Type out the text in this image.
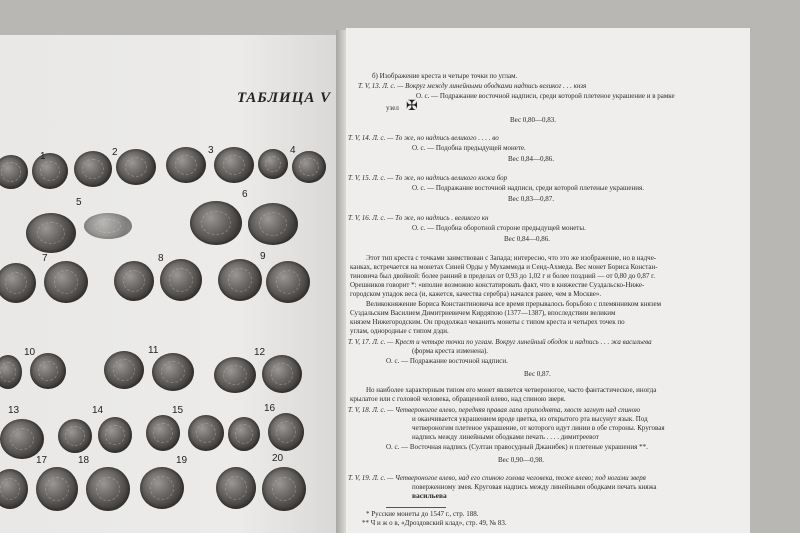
1	2	3	4
5
6
7	8	9
10	11	12
13	14	15	16
17	18	19	20
ТАБЛИЦА V
б) Изображение креста и четыре точки по углам.
T. V, 13. Л. с. — Вокруг между линейными ободками надпись великог . . . кнзя
О. с. — Подражание восточной надписи, среди которой плетеное украшение и в рамке
узел ✠
Вес 0,80—0,83.
T. V, 14. Л. с. — То же, но надпись великого . . . . во
О. с. — Подобна предыдущей монете.
Вес 0,84—0,86.
T. V, 15. Л. с. — То же, но надпись великого кнжа бор
О. с. — Подражание восточной надписи, среди которой плетеные украшения.
Вес 0,83—0,87.
T. V, 16. Л. с. — То же, но надпись . великого кн
О. с. — Подобна оборотной стороне предыдущей монеты.
Вес 0,84—0,86.
Этот тип креста с точками заимствован с Запада; интересно, что это же изображение, но в надче-
канках, встречается на монетах Синей Орды у Мухаммеда и Сеид-Ахмеда. Вес монет Бориса Констан-
тиновича был двойной: более ранний в пределах от 0,93 до 1,02 г и более поздний — от 0,80 до 0,87 г.
Орешников говорит *: «вполне возможно констатировать факт, что в княжестве Суздальско-Ниже-
городском упадок веса (и, кажется, качества серебра) начался ранее, чем в Москве».
Великокняжение Бориса Константиновича все время прерывалось борьбою с племянником князем
Суздальским Василием Димитриевичем Кирдяпою (1377—1387), впоследствии великим
князем Нижегородским. Он продолжал чеканить монеты с типом креста и четырех точек по
углам, однородные с типом дэди.
T. V, 17. Л. с. — Крест и четыре точки по углам. Вокруг линейный ободок и надпись . . . жа васильева
(форма креста изменена).
О. с. — Подражание восточной надписи.
Вес 0,87.
Но наиболее характерным типом его монет является четвероногое, часто фантастическое, иногда
крылатое или с головой человека, обращенной влево, над спиною зверя.
T. V, 18. Л. с. — Четвероногое влево, передняя правая лапа приподнята, хвост загнут над спиною
и оканчивается украшением вроде цветка, из открытого рта высунут язык. Под
четвероногим плетеное украшение, от которого идут линии в обе стороны. Круговая
надпись между линейными ободками печать . . . . димитреевот
О. с. — Восточная надпись (Султан правосудный Джанибек) и плетеные украшения **.
Вес 0,90—0,98.
T. V, 19. Л. с. — Четвероногое влево, над его спиною голова человека, тоже влево; под ногами зверя
поверженному змея. Круговая надпись между линейными ободками печать княжа
васильева
* Русские монеты до 1547 г., стр. 188.
** Ч и ж о в, «Дроздовский клад», стр. 49, № 83.
